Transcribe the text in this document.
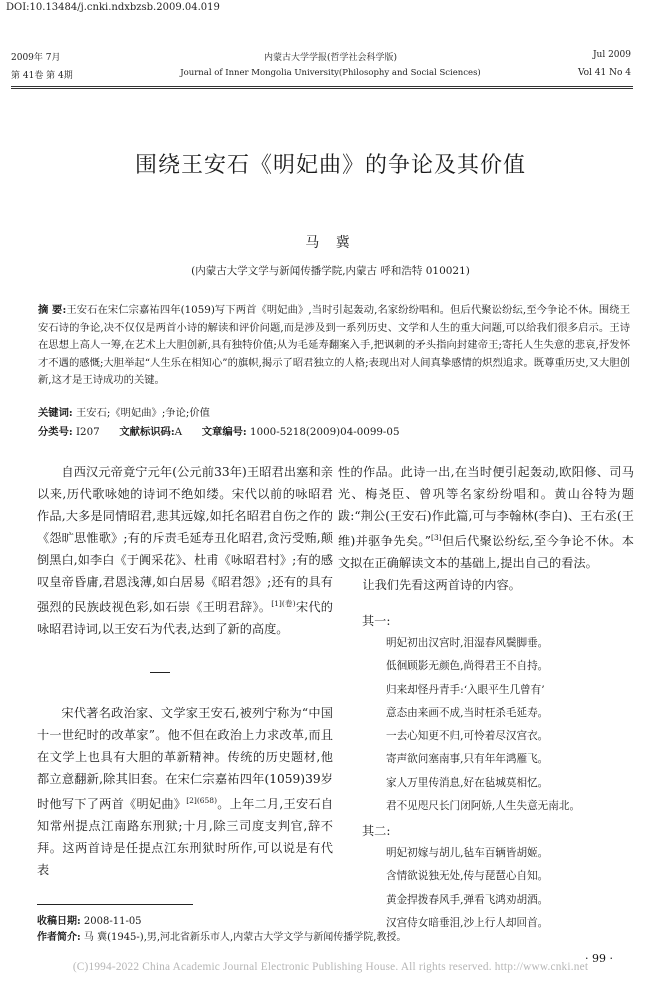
DOI:10.13484/j.cnki.ndxbzsb.2009.04.019
2009年 7月
第 41卷 第 4期
内蒙古大学学报(哲学社会科学版)
Journal of Inner Mongolia University(Philosophy and Social Sciences)
Jul 2009
Vol 41 No 4
围绕王安石《明妃曲》的争论及其价值
马 冀
(内蒙古大学文学与新闻传播学院,内蒙古 呼和浩特 010021)
摘 要:王安石在宋仁宗嘉祐四年(1059)写下两首《明妃曲》,当时引起轰动,名家纷纷唱和。但后代聚讼纷纭,至今争论不休。围绕王安石诗的争论,决不仅仅是两首小诗的解读和评价问题,而是涉及到一系列历史、文学和人生的重大问题,可以给我们很多启示。王诗在思想上高人一筹,在艺术上大胆创新,具有独特价值;从为毛延寿翻案入手,把讽刺的矛头指向封建帝王;寄托人生失意的悲哀,抒发怀才不遇的感慨;大胆举起“人生乐在相知心”的旗帜,揭示了昭君独立的人格;表现出对人间真挚感情的炽烈追求。既尊重历史,又大胆创新,这才是王诗成功的关键。
关键词: 王安石;《明妃曲》;争论;价值
分类号: I207 文献标识码:A 文章编号: 1000-5218(2009)04-0099-05

自西汉元帝竟宁元年(公元前33年)王昭君出塞和亲以来,历代歌咏她的诗词不绝如缕。宋代以前的咏昭君作品,大多是同情昭君,悲其远嫁,如托名昭君自伤之作的《怨旷思惟歌》;有的斥责毛延寿丑化昭君,贪污受贿,颠倒黑白,如李白《于阗采花》、杜甫《咏昭君村》;有的感叹皇帝昏庸,君恩浅薄,如白居易《昭君怨》;还有的具有强烈的民族歧视色彩,如石崇《王明君辞》。$^{[1](卷)}$宋代的咏昭君诗词,以王安石为代表,达到了新的高度。

宋代著名政治家、文学家王安石,被列宁称为“中国十一世纪时的改革家”。他不但在政治上力求改革,而且在文学上也具有大胆的革新精神。传统的历史题材,他都立意翻新,除其旧套。在宋仁宗嘉祐四年(1059)39岁时他写下了两首《明妃曲》$^{[2](658)}$。上年二月,王安石自知常州提点江南路东刑狱;十月,除三司度支判官,辞不拜。这两首诗是任提点江东刑狱时所作,可以说是有代表

性的作品。此诗一出,在当时便引起轰动,欧阳修、司马光、梅尧臣、曾巩等名家纷纷唱和。黄山谷特为题跋:“荆公(王安石)作此篇,可与李翰林(李白)、王右丞(王维)并驱争先矣。”[3]但后代聚讼纷纭,至今争论不休。本文拟在正确解读文本的基础上,提出自己的看法。

让我们先看这两首诗的内容。

其一:
明妃初出汉宫时,泪湿春风鬓脚垂。
低徊顾影无颜色,尚得君王不自持。
归来却怪丹青手:‘入眼平生几曾有’
意态由来画不成,当时枉杀毛延寿。
一去心知更不归,可怜着尽汉宫衣。
寄声欲问塞南事,只有年年鸿雁飞。
家人万里传消息,好在毡城莫相忆。
君不见咫尺长门闭阿娇,人生失意无南北。
其二:
明妃初嫁与胡儿,毡车百辆皆胡姬。
含情欲说独无处,传与琵琶心自知。
黄金捍拨春风手,弹看飞鸿劝胡酒。
汉宫侍女暗垂泪,沙上行人却回首。
收稿日期: 2008-11-05
作者简介: 马 冀(1945-),男,河北省新乐市人,内蒙古大学文学与新闻传播学院,教授。
· 99 ·
(C)1994-2022 China Academic Journal Electronic Publishing House. All rights reserved. http://www.cnki.net
